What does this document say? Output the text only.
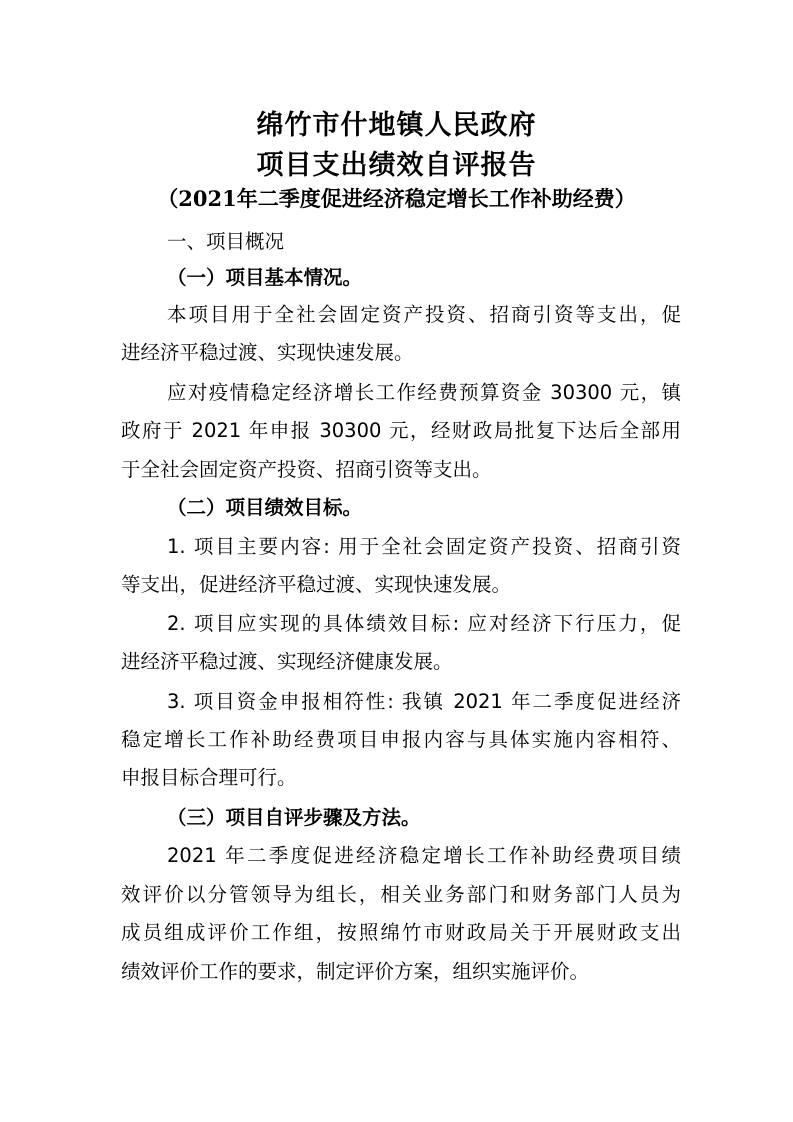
绵竹市什地镇人民政府
项目支出绩效自评报告
（2021年二季度促进经济稳定增长工作补助经费）
一、项目概况
（一）项目基本情况。
本项目用于全社会固定资产投资、招商引资等支出，促
进经济平稳过渡、实现快速发展。
应对疫情稳定经济增长工作经费预算资金 30300 元，镇
政府于 2021 年申报 30300 元，经财政局批复下达后全部用
于全社会固定资产投资、招商引资等支出。
（二）项目绩效目标。
1. 项目主要内容: 用于全社会固定资产投资、招商引资
等支出，促进经济平稳过渡、实现快速发展。
2. 项目应实现的具体绩效目标: 应对经济下行压力，促
进经济平稳过渡、实现经济健康发展。
3. 项目资金申报相符性: 我镇 2021 年二季度促进经济
稳定增长工作补助经费项目申报内容与具体实施内容相符、
申报目标合理可行。
（三）项目自评步骤及方法。
2021 年二季度促进经济稳定增长工作补助经费项目绩
效评价以分管领导为组长，相关业务部门和财务部门人员为
成员组成评价工作组，按照绵竹市财政局关于开展财政支出
绩效评价工作的要求，制定评价方案，组织实施评价。
